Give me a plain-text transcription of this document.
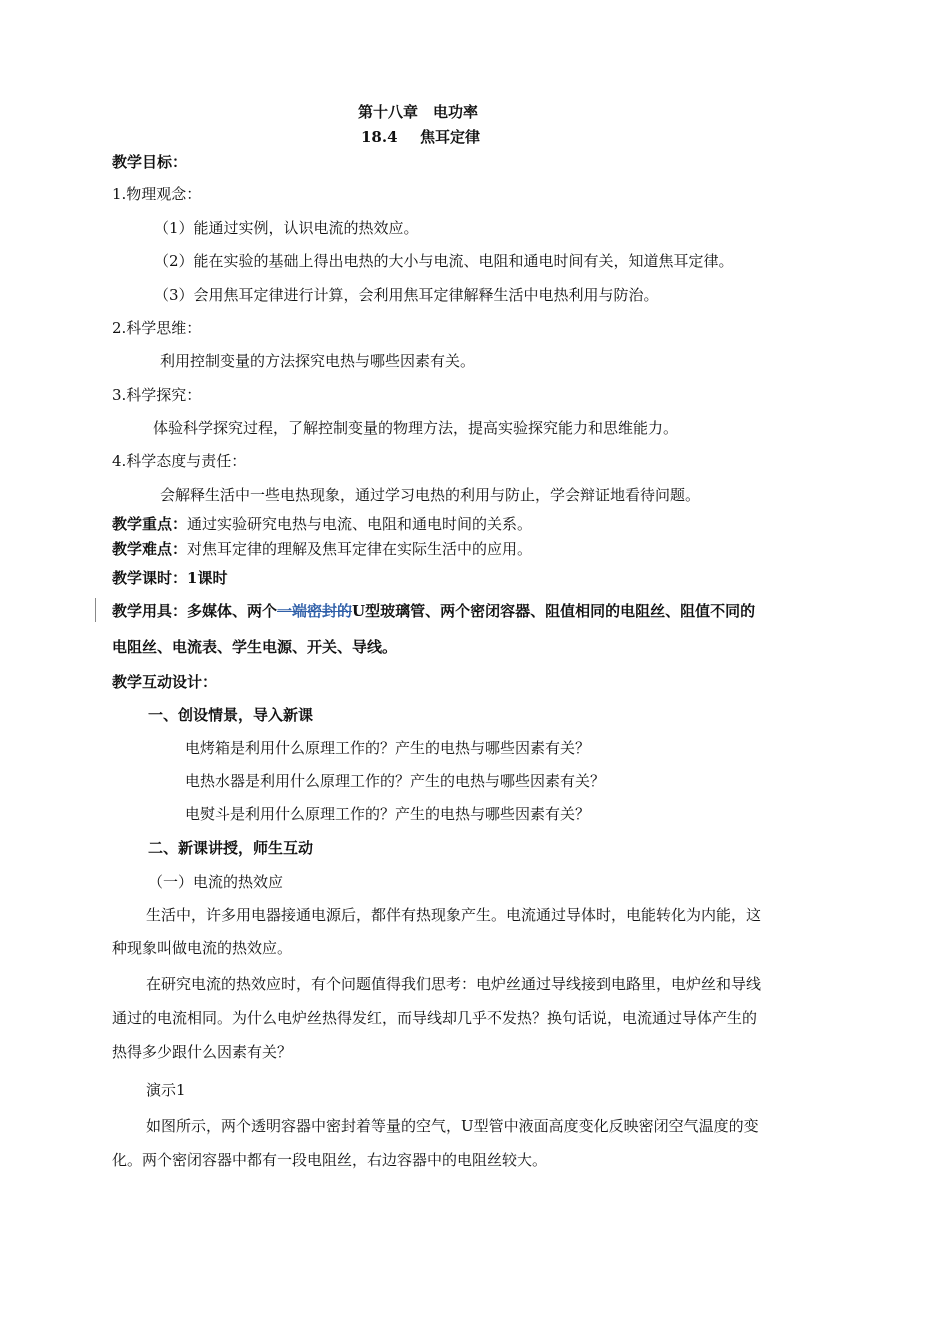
第十八章　电功率
18.4 焦耳定律
教学目标：
1.物理观念：
（1）能通过实例，认识电流的热效应。
（2）能在实验的基础上得出电热的大小与电流、电阻和通电时间有关，知道焦耳定律。
（3）会用焦耳定律进行计算，会利用焦耳定律解释生活中电热利用与防治。
2.科学思维：
利用控制变量的方法探究电热与哪些因素有关。
3.科学探究：
体验科学探究过程，了解控制变量的物理方法，提高实验探究能力和思维能力。
4.科学态度与责任：
会解释生活中一些电热现象，通过学习电热的利用与防止，学会辩证地看待问题。
教学重点：通过实验研究电热与电流、电阻和通电时间的关系。
教学难点：对焦耳定律的理解及焦耳定律在实际生活中的应用。
教学课时：1课时
教学用具：多媒体、两个一端密封的U型玻璃管、两个密闭容器、阻值相同的电阻丝、阻值不同的
电阻丝、电流表、学生电源、开关、导线。
教学互动设计：
一、创设情景，导入新课
电烤箱是利用什么原理工作的？产生的电热与哪些因素有关？
电热水器是利用什么原理工作的？产生的电热与哪些因素有关？
电熨斗是利用什么原理工作的？产生的电热与哪些因素有关？
二、新课讲授，师生互动
（一）电流的热效应
生活中，许多用电器接通电源后，都伴有热现象产生。电流通过导体时，电能转化为内能，这
种现象叫做电流的热效应。
在研究电流的热效应时，有个问题值得我们思考：电炉丝通过导线接到电路里，电炉丝和导线
通过的电流相同。为什么电炉丝热得发红，而导线却几乎不发热？换句话说，电流通过导体产生的
热得多少跟什么因素有关？
演示1
如图所示，两个透明容器中密封着等量的空气，U型管中液面高度变化反映密闭空气温度的变
化。两个密闭容器中都有一段电阻丝，右边容器中的电阻丝较大。
